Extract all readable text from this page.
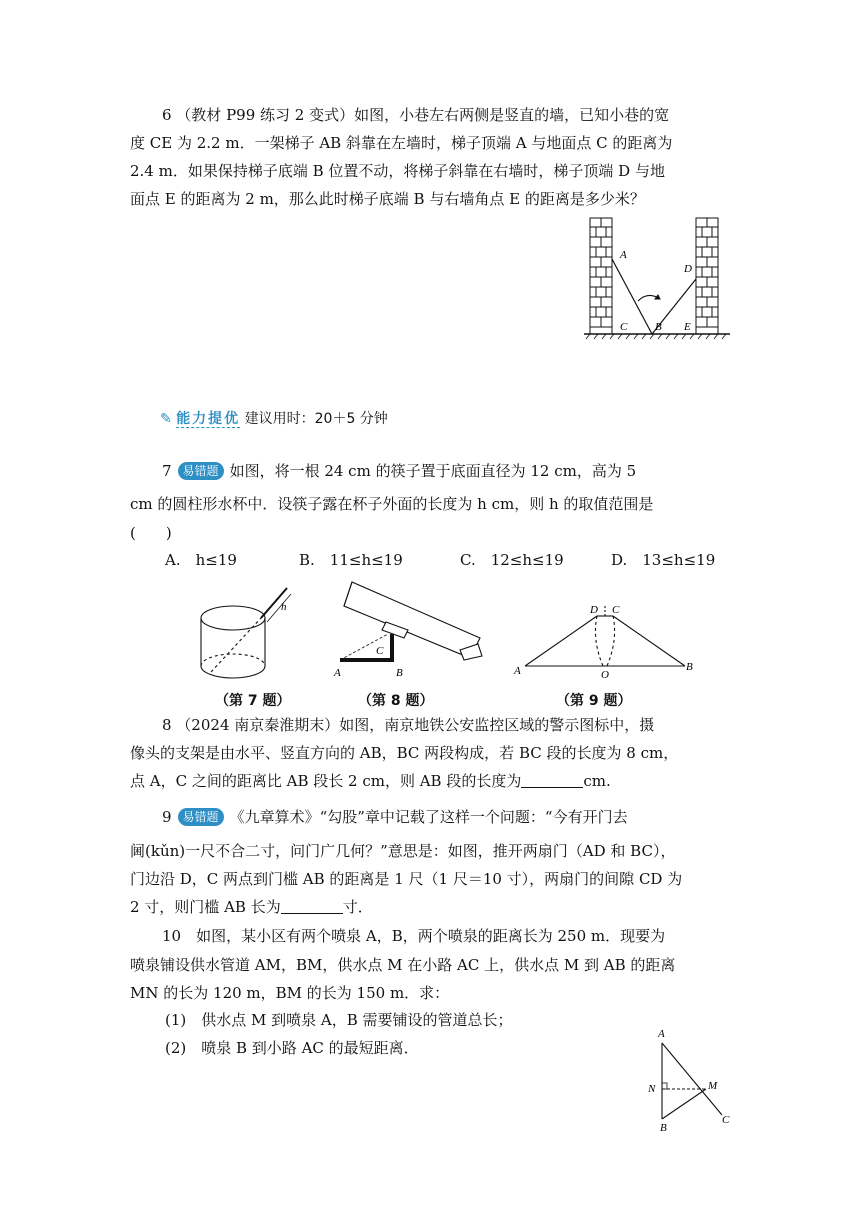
6 （教材 P99 练习 2 变式）如图，小巷左右两侧是竖直的墙，已知小巷的宽
度 CE 为 2.2 m．一架梯子 AB 斜靠在左墙时，梯子顶端 A 与地面点 C 的距离为
2.4 m．如果保持梯子底端 B 位置不动，将梯子斜靠在右墙时，梯子顶端 D 与地
面点 E 的距离为 2 m，那么此时梯子底端 B 与右墙角点 E 的距离是多少米？
A
D
C	B E
✎ 能力提优 建议用时：20＋5 分钟
7 易错题 如图，将一根 24 cm 的筷子置于底面直径为 12 cm，高为 5
cm 的圆柱形水杯中．设筷子露在杯子外面的长度为 h cm，则 h 的取值范围是
(　　)
A.　h≤19	B.　11≤h≤19	C.　12≤h≤19	D.　13≤h≤19
h
A	B
C
D C
A	B
O
（第 7 题）	（第 8 题）	（第 9 题）
8 （2024 南京秦淮期末）如图，南京地铁公安监控区域的警示图标中，摄
像头的支架是由水平、竖直方向的 AB，BC 两段构成，若 BC 段的长度为 8 cm，
点 A，C 之间的距离比 AB 段长 2 cm，则 AB 段的长度为	cm.
9 易错题 《九章算术》“勾股”章中记载了这样一个问题：“今有开门去
阃(kǔn)一尺不合二寸，问门广几何？”意思是：如图，推开两扇门（AD 和 BC），
门边沿 D，C 两点到门槛 AB 的距离是 1 尺（1 尺＝10 寸），两扇门的间隙 CD 为
2 寸，则门槛 AB 长为	寸．
10　如图，某小区有两个喷泉 A，B，两个喷泉的距离长为 250 m．现要为
喷泉铺设供水管道 AM，BM，供水点 M 在小路 AC 上，供水点 M 到 AB 的距离
MN 的长为 120 m，BM 的长为 150 m．求：
(1)　供水点 M 到喷泉 A，B 需要铺设的管道总长；
(2)　喷泉 B 到小路 AC 的最短距离．
A
N	M
B
C
